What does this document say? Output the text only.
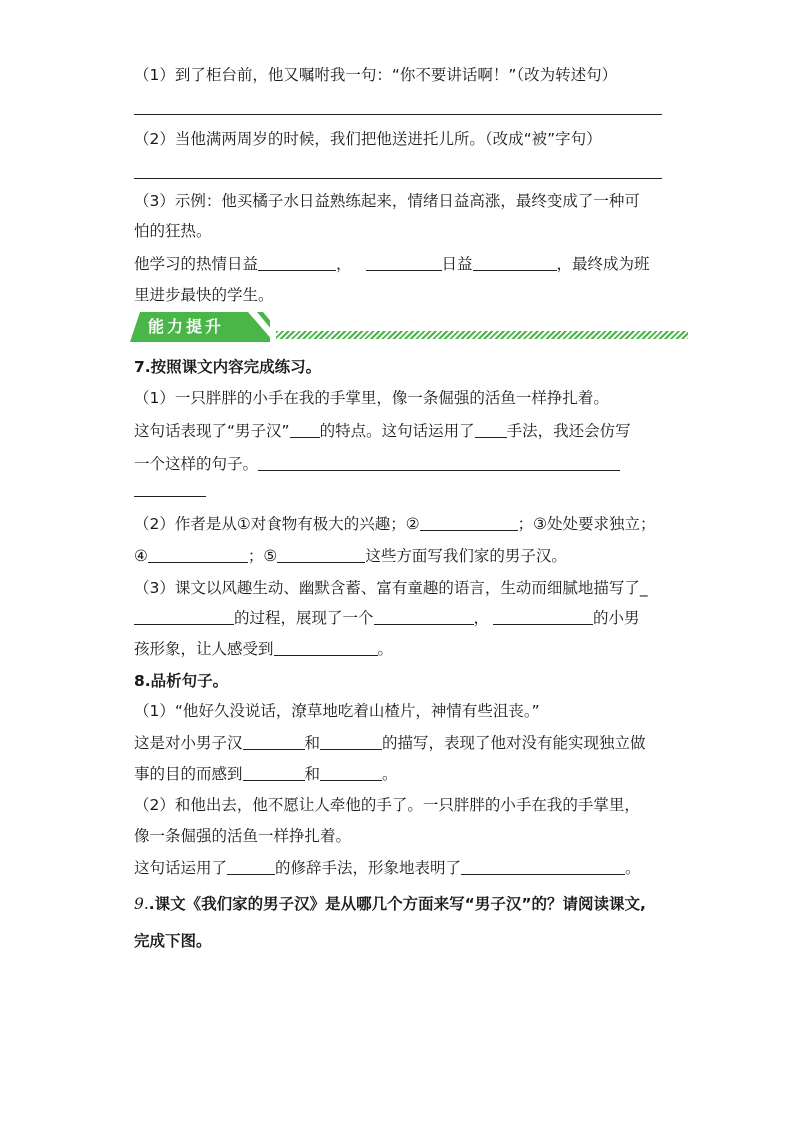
（1）到了柜台前，他又嘱咐我一句：“你不要讲话啊！”（改为转述句）
（2）当他满两周岁的时候，我们把他送进托儿所。（改成“被”字句）
（3）示例：他买橘子水日益熟练起来，情绪日益高涨，最终变成了一种可
怕的狂热。
他学习的热情日益	，	日益	，最终成为班
里进步最快的学生。
能力提升
7.按照课文内容完成练习。
（1）一只胖胖的小手在我的手掌里，像一条倔强的活鱼一样挣扎着。
这句话表现了“男子汉” 的特点。这句话运用了 手法，我还会仿写
一个这样的句子。
（2）作者是从①对食物有极大的兴趣；②	；③处处要求独立；
④	；⑤	这些方面写我们家的男子汉。
（3）课文以风趣生动、幽默含蓄、富有童趣的语言，生动而细腻地描写了_
的过程，展现了一个	，	的小男
孩形象，让人感受到	。
8.品析句子。
（1）“他好久没说话，潦草地吃着山楂片，神情有些沮丧。”
这是对小男子汉	和	的描写，表现了他对没有能实现独立做
事的目的而感到	和	。
（2）和他出去，他不愿让人牵他的手了。一只胖胖的小手在我的手掌里，
像一条倔强的活鱼一样挣扎着。
这句话运用了	的修辞手法，形象地表明了	。
9..课文《我们家的男子汉》是从哪几个方面来写“男子汉”的？请阅读课文,
完成下图。
